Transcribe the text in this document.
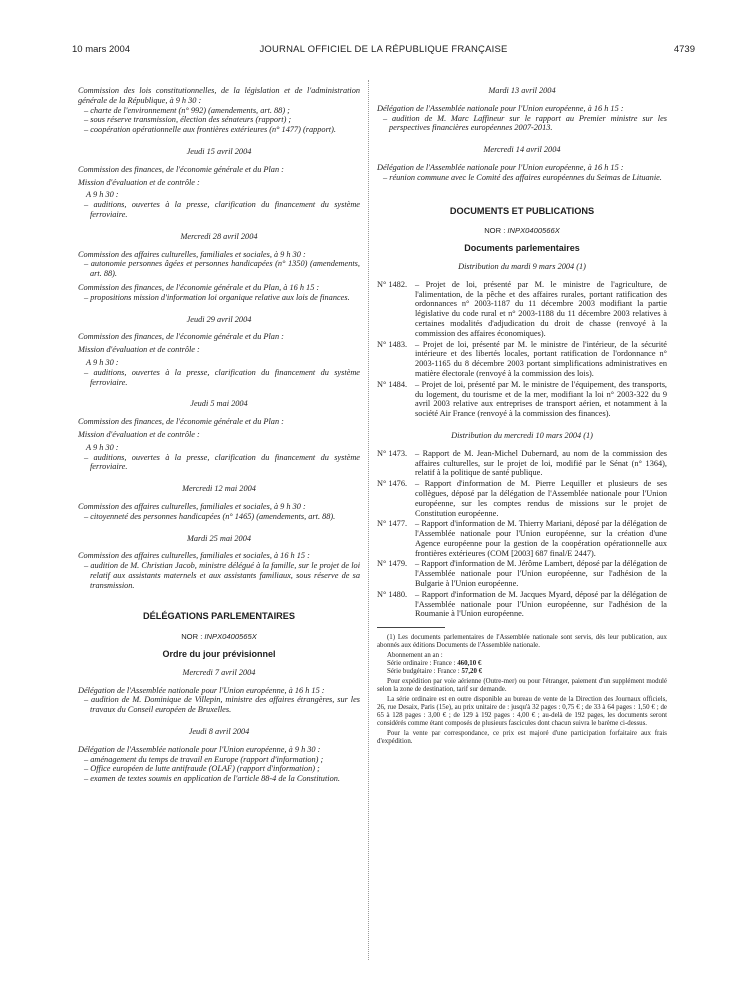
10 mars 2004	JOURNAL OFFICIEL DE LA RÉPUBLIQUE FRANÇAISE	4739

Commission des lois constitutionnelles, de la législation et de l'administration générale de la République, à 9 h 30 :

– charte de l'environnement (n° 992) (amendements, art. 88) ;

– sous réserve transmission, élection des sénateurs (rapport) ;

– coopération opérationnelle aux frontières extérieures (n° 1477) (rapport).

Jeudi 15 avril 2004

Commission des finances, de l'économie générale et du Plan :

Mission d'évaluation et de contrôle :

A 9 h 30 :

– auditions, ouvertes à la presse, clarification du financement du système ferroviaire.

Mercredi 28 avril 2004

Commission des affaires culturelles, familiales et sociales, à 9 h 30 :

– autonomie personnes âgées et personnes handicapées (n° 1350) (amendements, art. 88).

Commission des finances, de l'économie générale et du Plan, à 16 h 15 :

– propositions mission d'information loi organique relative aux lois de finances.

Jeudi 29 avril 2004

Commission des finances, de l'économie générale et du Plan :

Mission d'évaluation et de contrôle :

A 9 h 30 :

– auditions, ouvertes à la presse, clarification du financement du système ferroviaire.

Jeudi 5 mai 2004

Commission des finances, de l'économie générale et du Plan :

Mission d'évaluation et de contrôle :

A 9 h 30 :

– auditions, ouvertes à la presse, clarification du financement du système ferroviaire.

Mercredi 12 mai 2004

Commission des affaires culturelles, familiales et sociales, à 9 h 30 :

– citoyenneté des personnes handicapées (n° 1465) (amendements, art. 88).

Mardi 25 mai 2004

Commission des affaires culturelles, familiales et sociales, à 16 h 15 :

– audition de M. Christian Jacob, ministre délégué à la famille, sur le projet de loi relatif aux assistants maternels et aux assistants familiaux, sous réserve de sa transmission.

DÉLÉGATIONS PARLEMENTAIRES

NOR : INPX0400565X

Ordre du jour prévisionnel

Mercredi 7 avril 2004

Délégation de l'Assemblée nationale pour l'Union européenne, à 16 h 15 :

– audition de M. Dominique de Villepin, ministre des affaires étrangères, sur les travaux du Conseil européen de Bruxelles.

Jeudi 8 avril 2004

Délégation de l'Assemblée nationale pour l'Union européenne, à 9 h 30 :

– aménagement du temps de travail en Europe (rapport d'information) ;

– Office européen de lutte antifraude (OLAF) (rapport d'information) ;

– examen de textes soumis en application de l'article 88-4 de la Constitution.

Mardi 13 avril 2004

Délégation de l'Assemblée nationale pour l'Union européenne, à 16 h 15 :

– audition de M. Marc Laffineur sur le rapport au Premier ministre sur les perspectives financières européennes 2007-2013.

Mercredi 14 avril 2004

Délégation de l'Assemblée nationale pour l'Union européenne, à 16 h 15 :

– réunion commune avec le Comité des affaires européennes du Seimas de Lituanie.

DOCUMENTS ET PUBLICATIONS

NOR : INPX0400566X

Documents parlementaires

Distribution du mardi 9 mars 2004 (1)

N° 1482. – Projet de loi, présenté par M. le ministre de l'agriculture, de l'alimentation, de la pêche et des affaires rurales, portant ratification des ordonnances n° 2003-1187 du 11 décembre 2003 modifiant la partie législative du code rural et n° 2003-1188 du 11 décembre 2003 relatives à certaines modalités d'adjudication du droit de chasse (renvoyé à la commission des affaires économiques).

N° 1483. – Projet de loi, présenté par M. le ministre de l'intérieur, de la sécurité intérieure et des libertés locales, portant ratification de l'ordonnance n° 2003-1165 du 8 décembre 2003 portant simplifications administratives en matière électorale (renvoyé à la commission des lois).

N° 1484. – Projet de loi, présenté par M. le ministre de l'équipement, des transports, du logement, du tourisme et de la mer, modifiant la loi n° 2003-322 du 9 avril 2003 relative aux entreprises de transport aérien, et notamment à la société Air France (renvoyé à la commission des finances).

Distribution du mercredi 10 mars 2004 (1)

N° 1473. – Rapport de M. Jean-Michel Dubernard, au nom de la commission des affaires culturelles, sur le projet de loi, modifié par le Sénat (n° 1364), relatif à la politique de santé publique.

N° 1476. – Rapport d'information de M. Pierre Lequiller et plusieurs de ses collègues, déposé par la délégation de l'Assemblée nationale pour l'Union européenne, sur les comptes rendus de missions sur le projet de Constitution européenne.

N° 1477. – Rapport d'information de M. Thierry Mariani, déposé par la délégation de l'Assemblée nationale pour l'Union européenne, sur la création d'une Agence européenne pour la gestion de la coopération opérationnelle aux frontières extérieures (COM [2003] 687 final/E 2447).

N° 1479. – Rapport d'information de M. Jérôme Lambert, déposé par la délégation de l'Assemblée nationale pour l'Union européenne, sur l'adhésion de la Bulgarie à l'Union européenne.

N° 1480. – Rapport d'information de M. Jacques Myard, déposé par la délégation de l'Assemblée nationale pour l'Union européenne, sur l'adhésion de la Roumanie à l'Union européenne.

(1) Les documents parlementaires de l'Assemblée nationale sont servis, dès leur publication, aux abonnés aux éditions Documents de l'Assemblée nationale.

Abonnement an an :

Série ordinaire : France : 460,10 €

Série budgétaire : France : 57,20 €

Pour expédition par voie aérienne (Outre-mer) ou pour l'étranger, paiement d'un supplément modulé selon la zone de destination, tarif sur demande.

La série ordinaire est en outre disponible au bureau de vente de la Direction des Journaux officiels, 26, rue Desaix, Paris (15e), au prix unitaire de : jusqu'à 32 pages : 0,75 € ; de 33 à 64 pages : 1,50 € ; de 65 à 128 pages : 3,00 € ; de 129 à 192 pages : 4,00 € ; au-delà de 192 pages, les documents seront considérés comme étant composés de plusieurs fascicules dont chacun suivra le barème ci-dessus.

Pour la vente par correspondance, ce prix est majoré d'une participation forfaitaire aux frais d'expédition.
